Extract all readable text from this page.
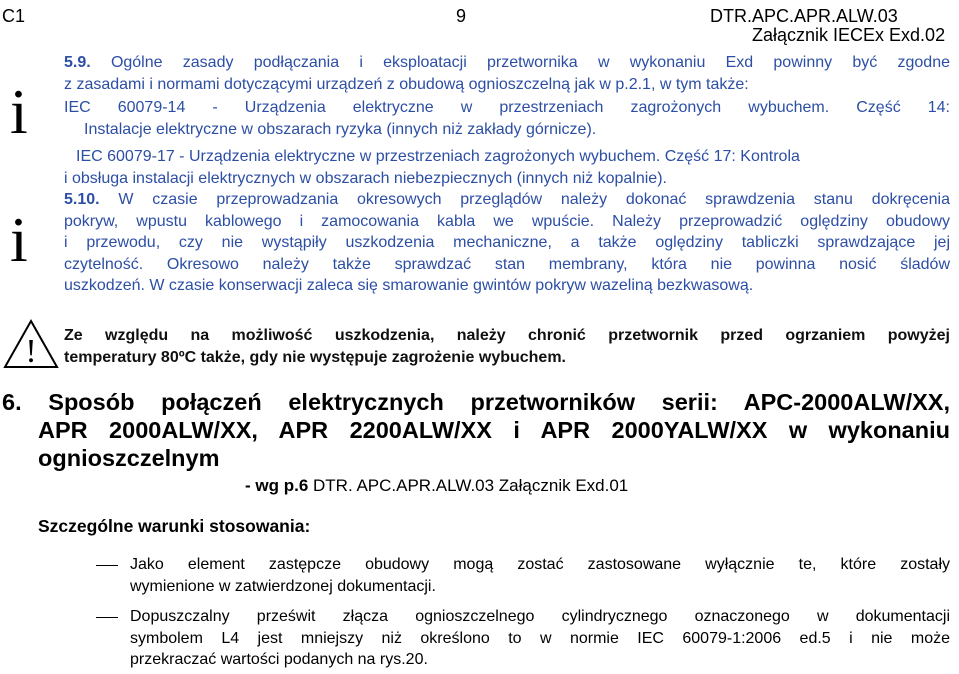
C1	9	DTR.APC.APR.ALW.03
Załącznik IECEx Exd.02
i
i
5.9. Ogólne zasady podłączania i eksploatacji przetwornika w wykonaniu Exd powinny być zgodne
z zasadami i normami dotyczącymi urządzeń z obudową ognioszczelną jak w p.2.1, w tym także:
IEC 60079-14 - Urządzenia elektryczne w przestrzeniach zagrożonych wybuchem. Część 14:
Instalacje elektryczne w obszarach ryzyka (innych niż zakłady górnicze).
IEC 60079-17 - Urządzenia elektryczne w przestrzeniach zagrożonych wybuchem. Część 17: Kontrola
i obsługa instalacji elektrycznych w obszarach niebezpiecznych (innych niż kopalnie).
5.10. W czasie przeprowadzania okresowych przeglądów należy dokonać sprawdzenia stanu dokręcenia
pokryw, wpustu kablowego i zamocowania kabla we wpuście. Należy przeprowadzić oględziny obudowy
i przewodu, czy nie wystąpiły uszkodzenia mechaniczne, a także oględziny tabliczki sprawdzające jej
czytelność. Okresowo należy także sprawdzać stan membrany, która nie powinna nosić śladów
uszkodzeń. W czasie konserwacji zaleca się smarowanie gwintów pokryw wazeliną bezkwasową.
! Ze względu na możliwość uszkodzenia, należy chronić przetwornik przed ogrzaniem powyżej
temperatury 80ºC także, gdy nie występuje zagrożenie wybuchem.
6. Sposób połączeń elektrycznych przetworników serii: APC-2000ALW/XX,
APR 2000ALW/XX, APR 2200ALW/XX i APR 2000YALW/XX w wykonaniu
ognioszczelnym
- wg p.6 DTR. APC.APR.ALW.03 Załącznik Exd.01
Szczególne warunki stosowania:
Jako element zastępcze obudowy mogą zostać zastosowane wyłącznie te, które zostały
wymienione w zatwierdzonej dokumentacji.
Dopuszczalny prześwit złącza ognioszczelnego cylindrycznego oznaczonego w dokumentacji
symbolem L4 jest mniejszy niż określono to w normie IEC 60079-1:2006 ed.5 i nie może
przekraczać wartości podanych na rys.20.
